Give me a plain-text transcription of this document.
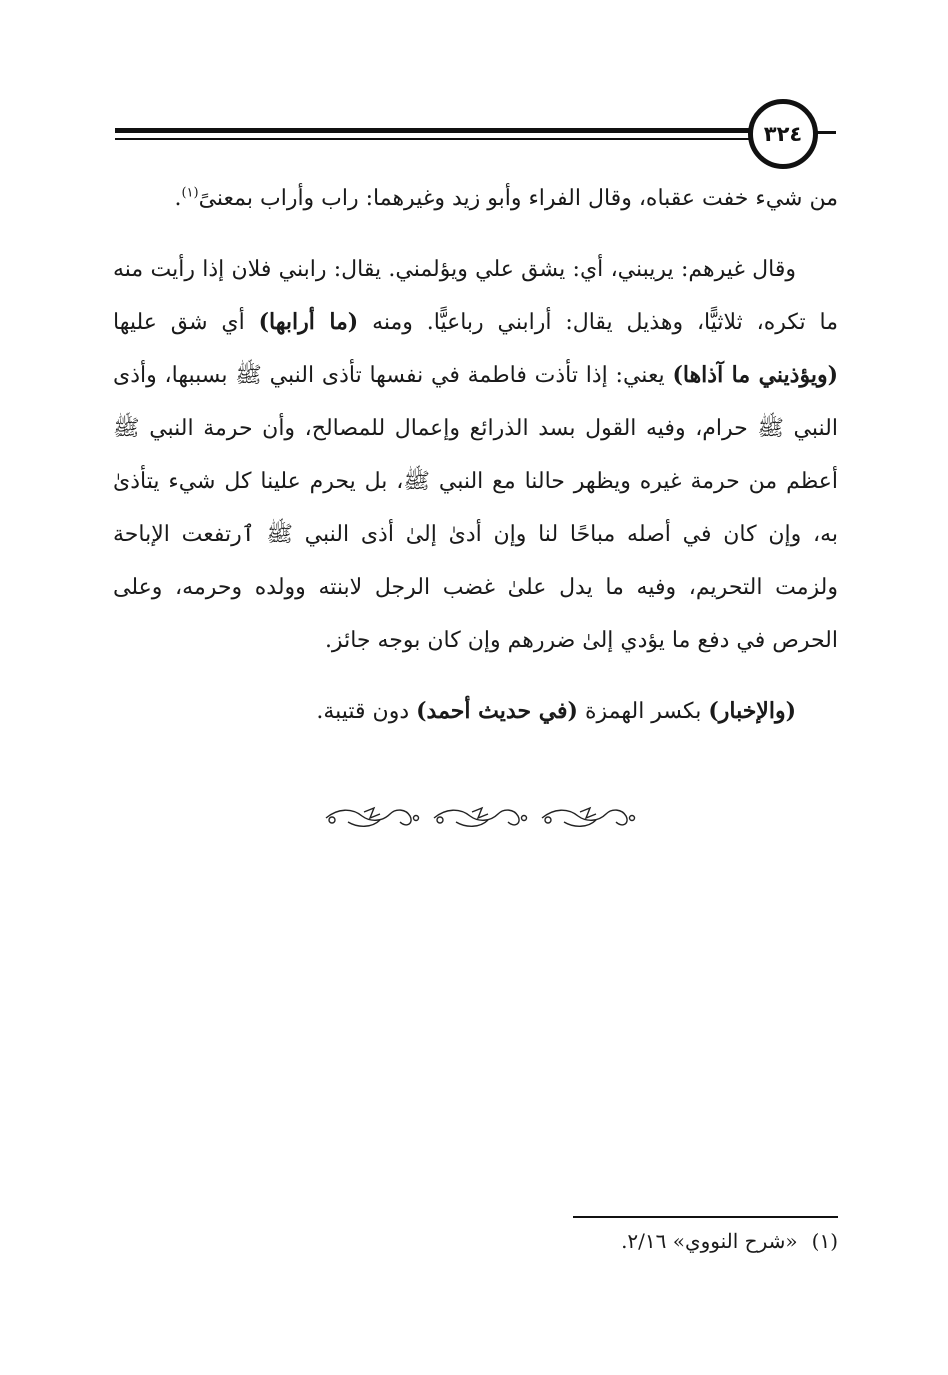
٣٢٤

من شيء خفت عقباه، وقال الفراء وأبو زيد وغيرهما: راب وأراب بمعنىً$^{(١)}$.

وقال غيرهم: يريبني، أي: يشق علي ويؤلمني. يقال: رابني فلان إذا رأيت منه ما تكره، ثلاثيًّا، وهذيل يقال: أرابني رباعيًّا. ومنه (ما أرابها) أي شق عليها (ويؤذيني ما آذاها) يعني: إذا تأذت فاطمة في نفسها تأذى النبي ﷺ بسببها، وأذى النبي ﷺ حرام، وفيه القول بسد الذرائع وإعمال للمصالح، وأن حرمة النبي ﷺ أعظم من حرمة غيره ويظهر حالنا مع النبي ﷺ، بل يحرم علينا كل شيء يتأذىٰ به، وإن كان في أصله مباحًا لنا وإن أدىٰ إلىٰ أذى النبي ﷺ ٱرتفعت الإباحة ولزمت التحريم، وفيه ما يدل علىٰ غضب الرجل لابنته وولده وحرمه، وعلى الحرص في دفع ما يؤدي إلىٰ ضررهم وإن كان بوجه جائز.

(والإخبار) بكسر الهمزة (في حديث أحمد) دون قتيبة.

(١)«شرح النووي» ٢/١٦.
